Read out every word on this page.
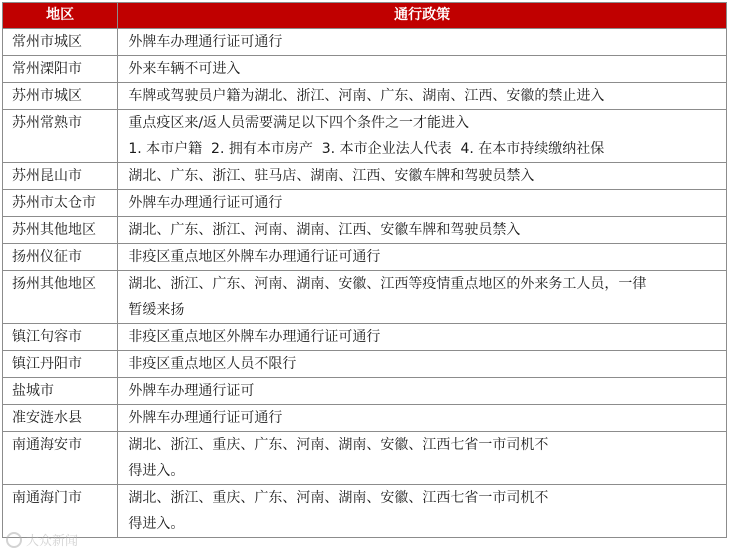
地区	通行政策
常州市城区	外牌车办理通行证可通行
常州溧阳市	外来车辆不可进入
苏州市城区	车牌或驾驶员户籍为湖北、浙江、河南、广东、湖南、江西、安徽的禁止进入
苏州常熟市	重点疫区来/返人员需要满足以下四个条件之一才能进入
1. 本市户籍  2. 拥有本市房产  3. 本市企业法人代表  4. 在本市持续缴纳社保
苏州昆山市	湖北、广东、浙江、驻马店、湖南、江西、安徽车牌和驾驶员禁入
苏州市太仓市	外牌车办理通行证可通行
苏州其他地区	湖北、广东、浙江、河南、湖南、江西、安徽车牌和驾驶员禁入
扬州仪征市	非疫区重点地区外牌车办理通行证可通行
扬州其他地区	湖北、浙江、广东、河南、湖南、安徽、江西等疫情重点地区的外来务工人员，一律
暂缓来扬
镇江句容市	非疫区重点地区外牌车办理通行证可通行
镇江丹阳市	非疫区重点地区人员不限行
盐城市	外牌车办理通行证可
准安涟水县	外牌车办理通行证可通行
南通海安市	湖北、浙江、重庆、广东、河南、湖南、安徽、江西七省一市司机不
得进入。
南通海门市	湖北、浙江、重庆、广东、河南、湖南、安徽、江西七省一市司机不
得进入。
大众新闻
